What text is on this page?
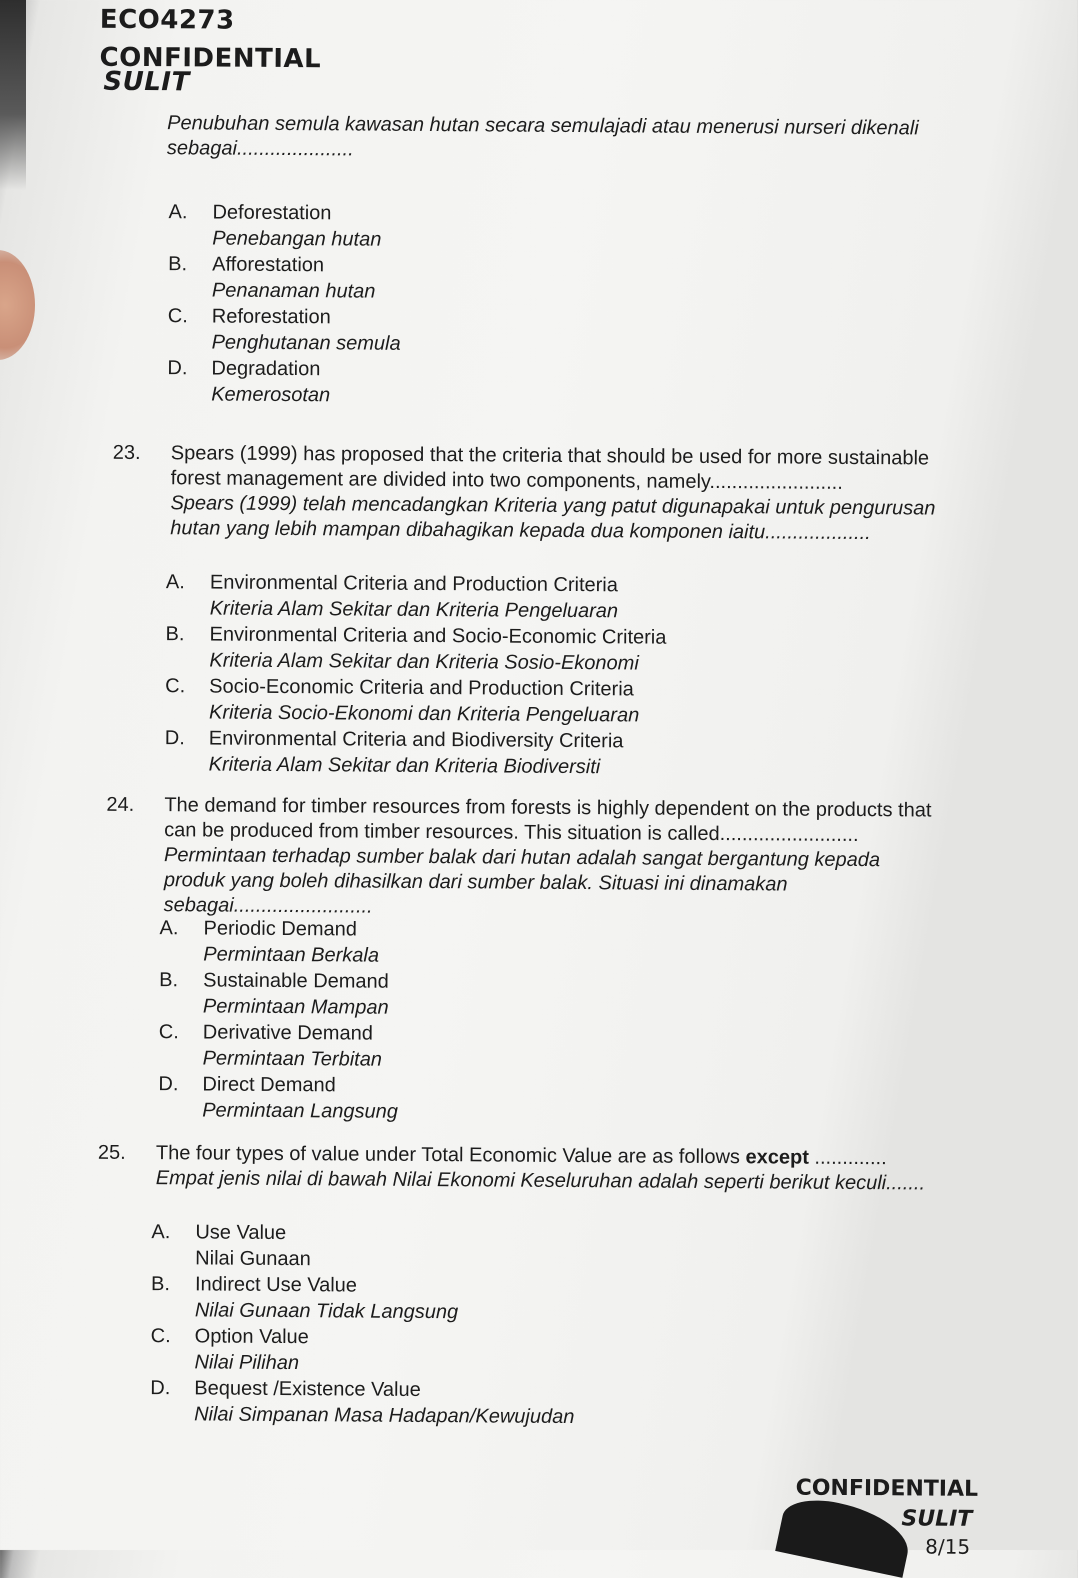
ECO4273
CONFIDENTIAL
SULIT
Penubuhan semula kawasan hutan secara semulajadi atau menerusi nurseri dikenali sebagai.....................
A. Deforestation
Penebangan hutan
B. Afforestation
Penanaman hutan
C. Reforestation
Penghutanan semula
D. Degradation
Kemerosotan
23. Spears (1999) has proposed that the criteria that should be used for more sustainable forest management are divided into two components, namely........................
Spears (1999) telah mencadangkan Kriteria yang patut digunapakai untuk pengurusan hutan yang lebih mampan dibahagikan kepada dua komponen iaitu...................
A. Environmental Criteria and Production Criteria
Kriteria Alam Sekitar dan Kriteria Pengeluaran
B. Environmental Criteria and Socio-Economic Criteria
Kriteria Alam Sekitar dan Kriteria Sosio-Ekonomi
C. Socio-Economic Criteria and Production Criteria
Kriteria Socio-Ekonomi dan Kriteria Pengeluaran
D. Environmental Criteria and Biodiversity Criteria
Kriteria Alam Sekitar dan Kriteria Biodiversiti
24. The demand for timber resources from forests is highly dependent on the products that can be produced from timber resources. This situation is called.........................
Permintaan terhadap sumber balak dari hutan adalah sangat bergantung kepada produk yang boleh dihasilkan dari sumber balak. Situasi ini dinamakan sebagai.........................
A. Periodic Demand
Permintaan Berkala
B. Sustainable Demand
Permintaan Mampan
C. Derivative Demand
Permintaan Terbitan
D. Direct Demand
Permintaan Langsung
25. The four types of value under Total Economic Value are as follows except .............
Empat jenis nilai di bawah Nilai Ekonomi Keseluruhan adalah seperti berikut keculi.......
A. Use Value
Nilai Gunaan
B. Indirect Use Value
Nilai Gunaan Tidak Langsung
C. Option Value
Nilai Pilihan
D. Bequest /Existence Value
Nilai Simpanan Masa Hadapan/Kewujudan
CONFIDENTIAL
SULIT
8/15
